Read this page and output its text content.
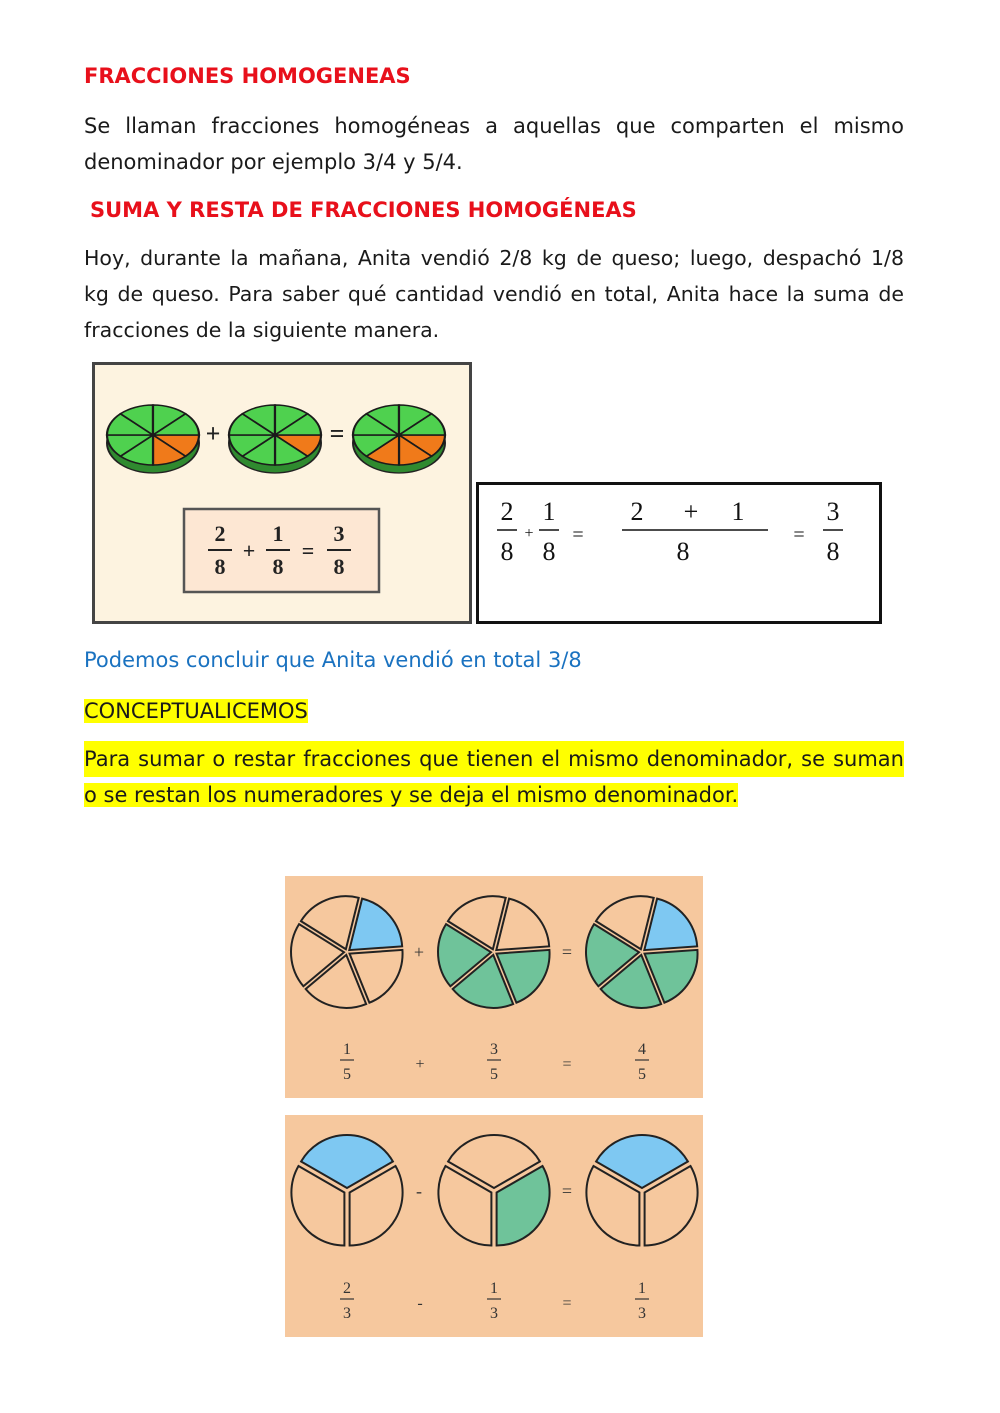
FRACCIONES HOMOGENEAS
Se llaman fracciones homogéneas a aquellas que comparten el mismo
denominador por ejemplo 3/4 y 5/4.
SUMA Y RESTA DE FRACCIONES HOMOGÉNEAS
Hoy, durante la mañana, Anita vendió 2/8 kg de queso; luego, despachó 1/8
kg de queso. Para saber qué cantidad vendió en total, Anita hace la suma de
fracciones de la siguiente manera.
+	=
2
8
+
1
8
=
3
8
2
8
+
1
8
=
2 + 1
8
=
3
8
Podemos concluir que Anita vendió en total 3/8
CONCEPTUALICEMOS
Para sumar o restar fracciones que tienen el mismo denominador, se suman
o se restan los numeradores y se deja el mismo denominador.
+	=
1
5
+
3
5
=
4
5
-	=
2
3
-
1
3
=
1
3
